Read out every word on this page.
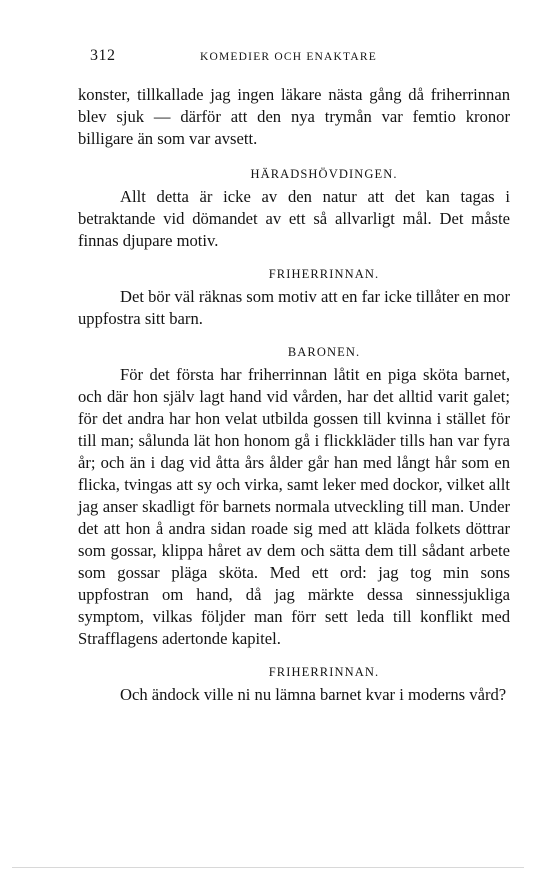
312	KOMEDIER OCH ENAKTARE

konster, tillkallade jag ingen läkare nästa gång då friherrinnan blev sjuk — därför att den nya trymån var femtio kronor billigare än som var avsett.

HÄRADSHÖVDINGEN.

Allt detta är icke av den natur att det kan tagas i betraktande vid dömandet av ett så allvarligt mål. Det måste finnas djupare motiv.

FRIHERRINNAN.

Det bör väl räknas som motiv att en far icke tillåter en mor uppfostra sitt barn.

BARONEN.

För det första har friherrinnan låtit en piga sköta barnet, och där hon själv lagt hand vid vården, har det alltid varit galet; för det andra har hon velat utbilda gossen till kvinna i stället för till man; sålunda lät hon honom gå i flickkläder tills han var fyra år; och än i dag vid åtta års ålder går han med långt hår som en flicka, tvingas att sy och virka, samt leker med dockor, vilket allt jag anser skadligt för barnets normala utveckling till man. Under det att hon å andra sidan roade sig med att kläda folkets döttrar som gossar, klippa håret av dem och sätta dem till sådant arbete som gossar pläga sköta. Med ett ord: jag tog min sons uppfostran om hand, då jag märkte dessa sinnessjukliga symptom, vilkas följder man förr sett leda till konflikt med Strafflagens adertonde kapitel.

FRIHERRINNAN.

Och ändock ville ni nu lämna barnet kvar i moderns vård?
